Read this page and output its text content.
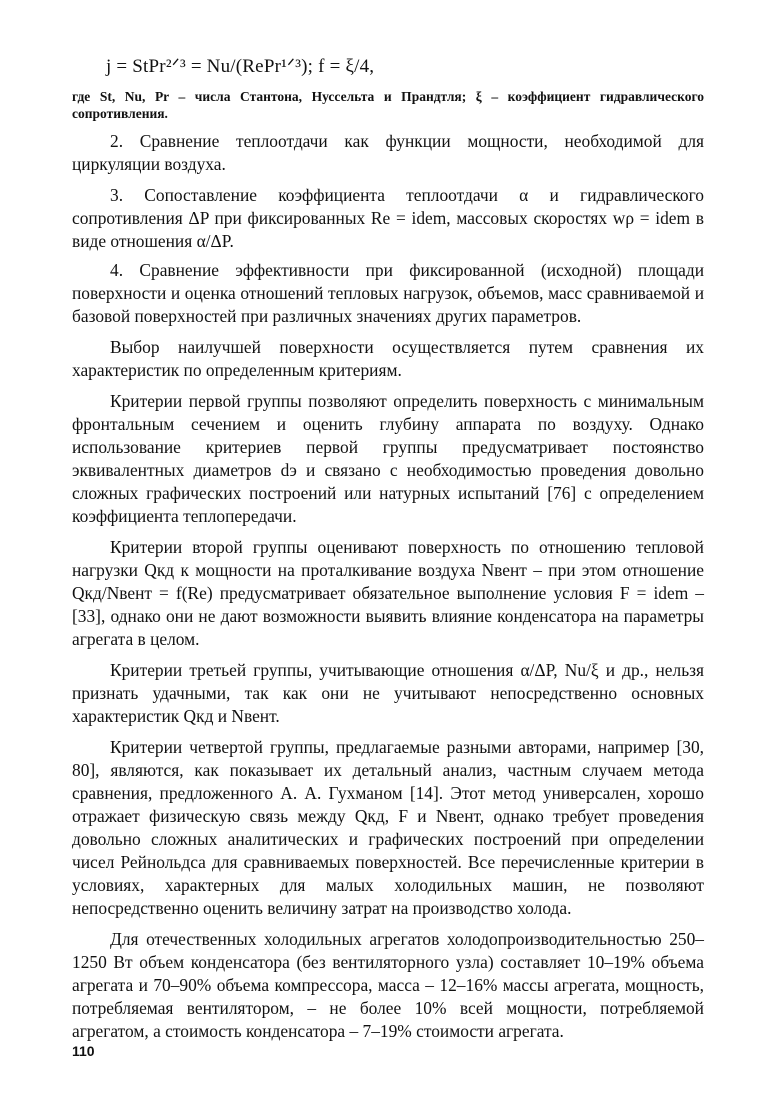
j = StPr²ᐟ³ = Nu/(RePr¹ᐟ³); f = ξ/4,
где St, Nu, Pr – числа Стантона, Нуссельта и Прандтля; ξ – коэффициент гидравлического сопротивления.

2. Сравнение теплоотдачи как функции мощности, необходимой для циркуляции воздуха.

3. Сопоставление коэффициента теплоотдачи α и гидравлического сопротивления ΔP при фиксированных Re = idem, массовых скоростях wρ = idem в виде отношения α/ΔP.

4. Сравнение эффективности при фиксированной (исходной) площади поверхности и оценка отношений тепловых нагрузок, объемов, масс сравниваемой и базовой поверхностей при различных значениях других параметров.

Выбор наилучшей поверхности осуществляется путем сравнения их характеристик по определенным критериям.

Критерии первой группы позволяют определить поверхность с минимальным фронтальным сечением и оценить глубину аппарата по воздуху. Однако использование критериев первой группы предусматривает постоянство эквивалентных диаметров dэ и связано с необходимостью проведения довольно сложных графических построений или натурных испытаний [76] с определением коэффициента теплопередачи.

Критерии второй группы оценивают поверхность по отношению тепловой нагрузки Qкд к мощности на проталкивание воздуха Nвент – при этом отношение Qкд/Nвент = f(Re) предусматривает обязательное выполнение условия F = idem – [33], однако они не дают возможности выявить влияние конденсатора на параметры агрегата в целом.

Критерии третьей группы, учитывающие отношения α/ΔP, Nu/ξ и др., нельзя признать удачными, так как они не учитывают непосредственно основных характеристик Qкд и Nвент.

Критерии четвертой группы, предлагаемые разными авторами, например [30, 80], являются, как показывает их детальный анализ, частным случаем метода сравнения, предложенного А. А. Гухманом [14]. Этот метод универсален, хорошо отражает физическую связь между Qкд, F и Nвент, однако требует проведения довольно сложных аналитических и графических построений при определении чисел Рейнольдса для сравниваемых поверхностей. Все перечисленные критерии в условиях, характерных для малых холодильных машин, не позволяют непосредственно оценить величину затрат на производство холода.

Для отечественных холодильных агрегатов холодопроизводительностью 250–1250 Вт объем конденсатора (без вентиляторного узла) составляет 10–19% объема агрегата и 70–90% объема компрессора, масса – 12–16% массы агрегата, мощность, потребляемая вентилятором, – не более 10% всей мощности, потребляемой агрегатом, а стоимость конденсатора – 7–19% стоимости агрегата.

110
